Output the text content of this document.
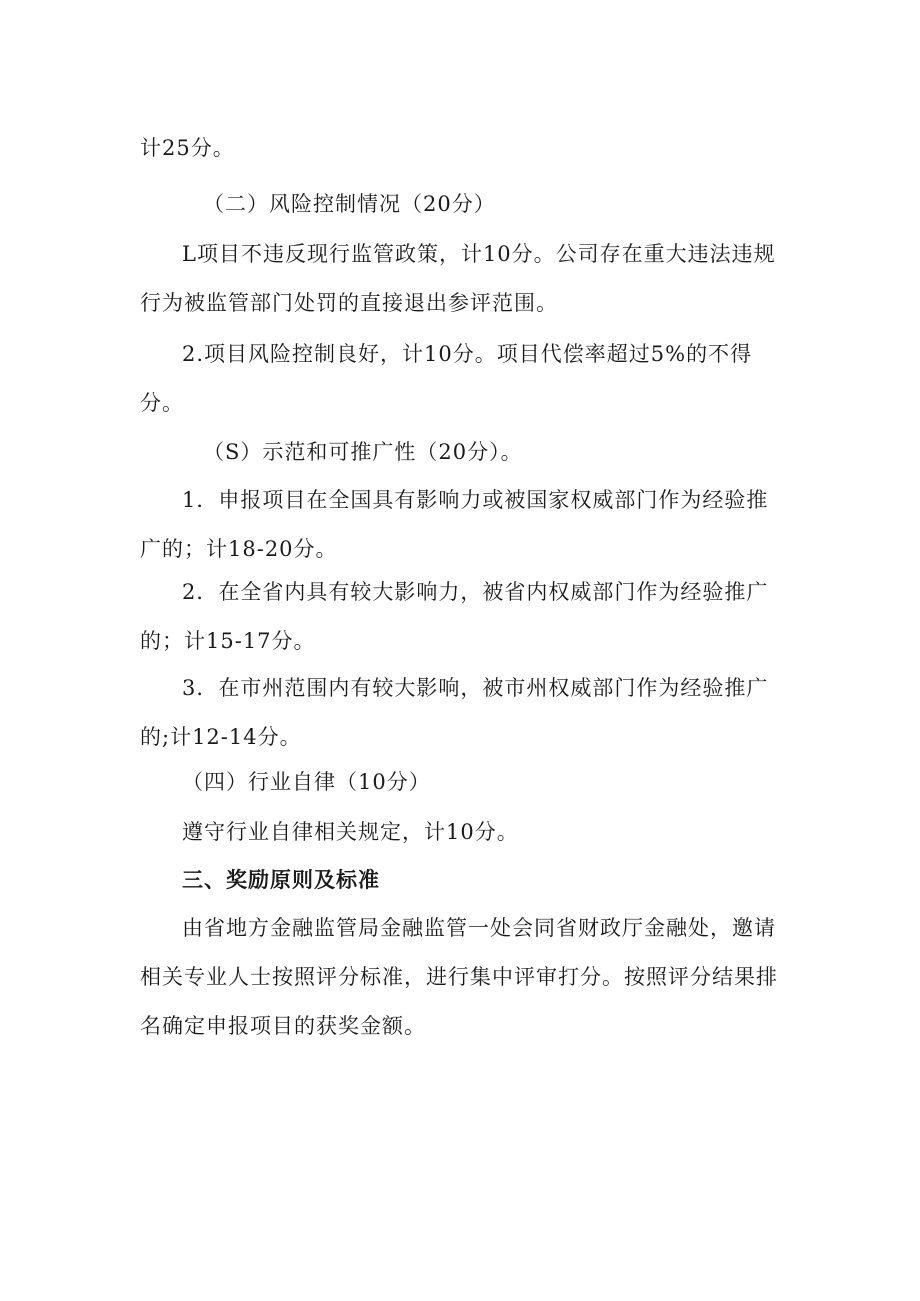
计25分。

（二）风险控制情况（20分）

L项目不违反现行监管政策，计10分。公司存在重大违法违规行为被监管部门处罚的直接退出参评范围。

2.项目风险控制良好，计10分。项目代偿率超过5%的不得分。

（S）示范和可推广性（20分）。

1．申报项目在全国具有影响力或被国家权威部门作为经验推广的；计18-20分。

2．在全省内具有较大影响力，被省内权威部门作为经验推广的；计15-17分。

3．在市州范围内有较大影响，被市州权威部门作为经验推广的;计12-14分。

（四）行业自律（10分）

遵守行业自律相关规定，计10分。

三、奖励原则及标准

由省地方金融监管局金融监管一处会同省财政厅金融处，邀请相关专业人士按照评分标准，进行集中评审打分。按照评分结果排名确定申报项目的获奖金额。
